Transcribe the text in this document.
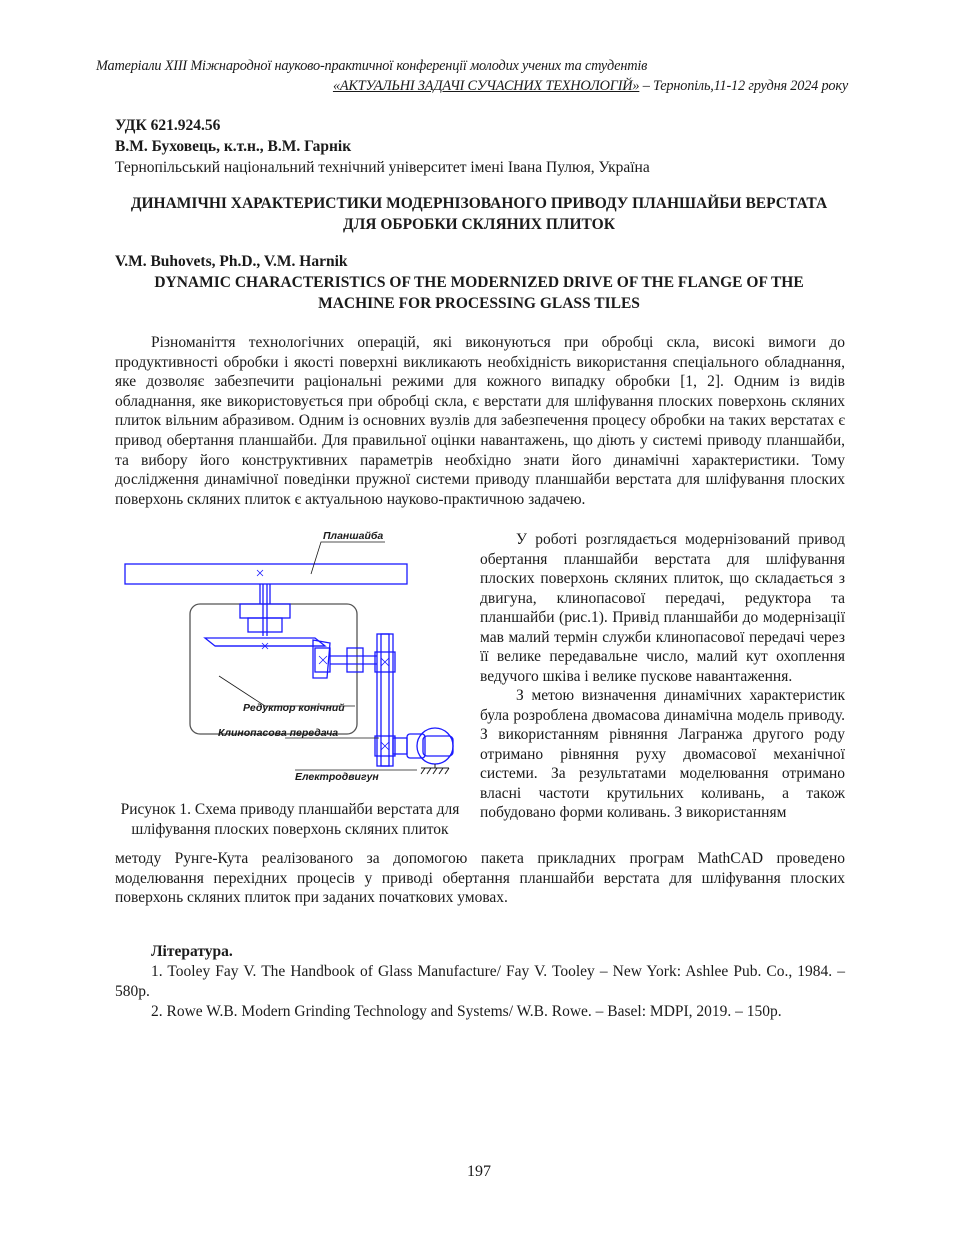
Матеріали XIII Міжнародної науково-практичної конференції молодих учених та студентів
«АКТУАЛЬНІ ЗАДАЧІ СУЧАСНИХ ТЕХНОЛОГІЙ» – Тернопіль,11-12 грудня 2024 року
УДК 621.924.56
В.М. Буховець, к.т.н., В.М. Гарнік
Тернопільський національний технічний університет імені Івана Пулюя, Україна
ДИНАМІЧНІ ХАРАКТЕРИСТИКИ МОДЕРНІЗОВАНОГО ПРИВОДУ ПЛАНШАЙБИ ВЕРСТАТА ДЛЯ ОБРОБКИ СКЛЯНИХ ПЛИТОК
V.M. Buhovets, Ph.D., V.M. Harnik
DYNAMIC CHARACTERISTICS OF THE MODERNIZED DRIVE OF THE FLANGE OF THE MACHINE FOR PROCESSING GLASS TILES
Різноманіття технологічних операцій, які виконуються при обробці скла, високі вимоги до продуктивності обробки і якості поверхні викликають необхідність використання спеціального обладнання, яке дозволяє забезпечити раціональні режими для кожного випадку обробки [1, 2]. Одним із видів обладнання, яке використовується при обробці скла, є верстати для шліфування плоских поверхонь скляних плиток вільним абразивом. Одним із основних вузлів для забезпечення процесу обробки на таких верстатах є привод обертання планшайби. Для правильної оцінки навантажень, що діють у системі приводу планшайби, та вибору його конструктивних параметрів необхідно знати його динамічні характеристики. Тому дослідження динамічної поведінки пружної системи приводу планшайби верстата для шліфування плоских поверхонь скляних плиток є актуальною науково-практичною задачею.
Планшайба
Редуктор конічний
Клинопасова передача
Електродвигун
Рисунок 1. Схема приводу планшайби верстата для шліфування плоских поверхонь скляних плиток

У роботі розглядається модернізований привод обертання планшайби верстата для шліфування плоских поверхонь скляних плиток, що складається з двигуна, клинопасової передачі, редуктора та планшайби (рис.1). Привід планшайби до модернізації мав малий термін служби клинопасової передачі через її велике передавальне число, малий кут охоплення ведучого шківа і велике пускове навантаження.

З метою визначення динамічних характеристик була розроблена двомасова динамічна модель приводу. З використанням рівняння Лагранжа другого роду отримано рівняння руху двомасової механічної системи. За результатами моделювання отримано власні частоти крутильних коливань, а також побудовано форми коливань. З використанням

методу Рунге-Кута реалізованого за допомогою пакета прикладних програм MathCAD проведено моделювання перехідних процесів у приводі обертання планшайби верстата для шліфування плоских поверхонь скляних плиток при заданих початкових умовах.
Література.
1. Tooley Fay V. The Handbook of Glass Manufacture/ Fay V. Tooley – New York: Ashlee Pub. Co., 1984. – 580p.
2. Rowe W.B. Modern Grinding Technology and Systems/ W.B. Rowe. – Basel: MDPI, 2019. – 150p.
197
